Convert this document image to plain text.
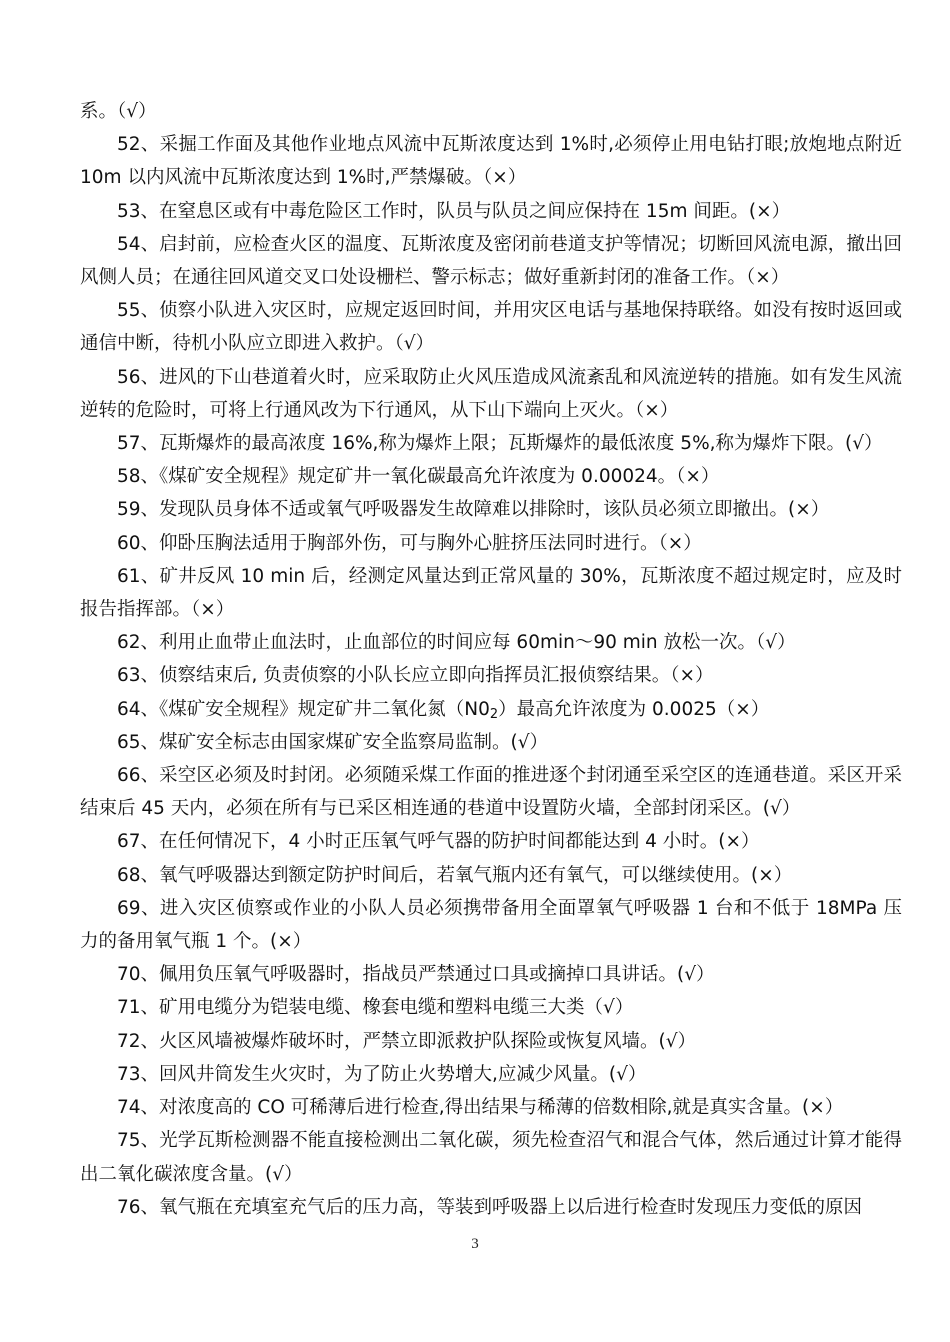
系。（√）

52、采掘工作面及其他作业地点风流中瓦斯浓度达到 1%时,必须停止用电钻打眼;放炮地点附近 10m 以内风流中瓦斯浓度达到 1%时,严禁爆破。（×）

53、在窒息区或有中毒危险区工作时，队员与队员之间应保持在 15m 间距。(×）

54、启封前，应检查火区的温度、瓦斯浓度及密闭前巷道支护等情况；切断回风流电源，撤出回风侧人员；在通往回风道交叉口处设栅栏、警示标志；做好重新封闭的准备工作。（×）

55、侦察小队进入灾区时，应规定返回时间，并用灾区电话与基地保持联络。如没有按时返回或通信中断，待机小队应立即进入救护。（√）

56、进风的下山巷道着火时，应采取防止火风压造成风流紊乱和风流逆转的措施。如有发生风流逆转的危险时，可将上行通风改为下行通风，从下山下端向上灭火。（×）

57、瓦斯爆炸的最高浓度 16%,称为爆炸上限；瓦斯爆炸的最低浓度 5%,称为爆炸下限。(√）

58、《煤矿安全规程》规定矿井一氧化碳最高允许浓度为 0.00024。（×）

59、发现队员身体不适或氧气呼吸器发生故障难以排除时，该队员必须立即撤出。(×）

60、仰卧压胸法适用于胸部外伤，可与胸外心脏挤压法同时进行。（×）

61、矿井反风 10 min 后，经测定风量达到正常风量的 30%，瓦斯浓度不超过规定时，应及时报告指挥部。（×）

62、利用止血带止血法时，止血部位的时间应每 60min～90 min 放松一次。（√）

63、侦察结束后, 负责侦察的小队长应立即向指挥员汇报侦察结果。（×）

64、《煤矿安全规程》规定矿井二氧化氮$(N0_2)$最高允许浓度为 0.0025（×）

65、煤矿安全标志由国家煤矿安全监察局监制。(√）

66、采空区必须及时封闭。必须随采煤工作面的推进逐个封闭通至采空区的连通巷道。采区开采结束后 45 天内，必须在所有与已采区相连通的巷道中设置防火墙，全部封闭采区。(√）

67、在任何情况下，4 小时正压氧气呼气器的防护时间都能达到 4 小时。(×）

68、氧气呼吸器达到额定防护时间后，若氧气瓶内还有氧气，可以继续使用。(×）

69、进入灾区侦察或作业的小队人员必须携带备用全面罩氧气呼吸器 1 台和不低于 18MPa 压力的备用氧气瓶 1 个。(×）

70、佩用负压氧气呼吸器时，指战员严禁通过口具或摘掉口具讲话。(√）

71、矿用电缆分为铠装电缆、橡套电缆和塑料电缆三大类（√）

72、火区风墙被爆炸破坏时，严禁立即派救护队探险或恢复风墙。(√）

73、回风井筒发生火灾时，为了防止火势增大,应减少风量。(√）

74、对浓度高的 CO 可稀薄后进行检查,得出结果与稀薄的倍数相除,就是真实含量。(×）

75、光学瓦斯检测器不能直接检测出二氧化碳，须先检查沼气和混合气体，然后通过计算才能得出二氧化碳浓度含量。(√）

76、氧气瓶在充填室充气后的压力高，等装到呼吸器上以后进行检查时发现压力变低的原因

3
